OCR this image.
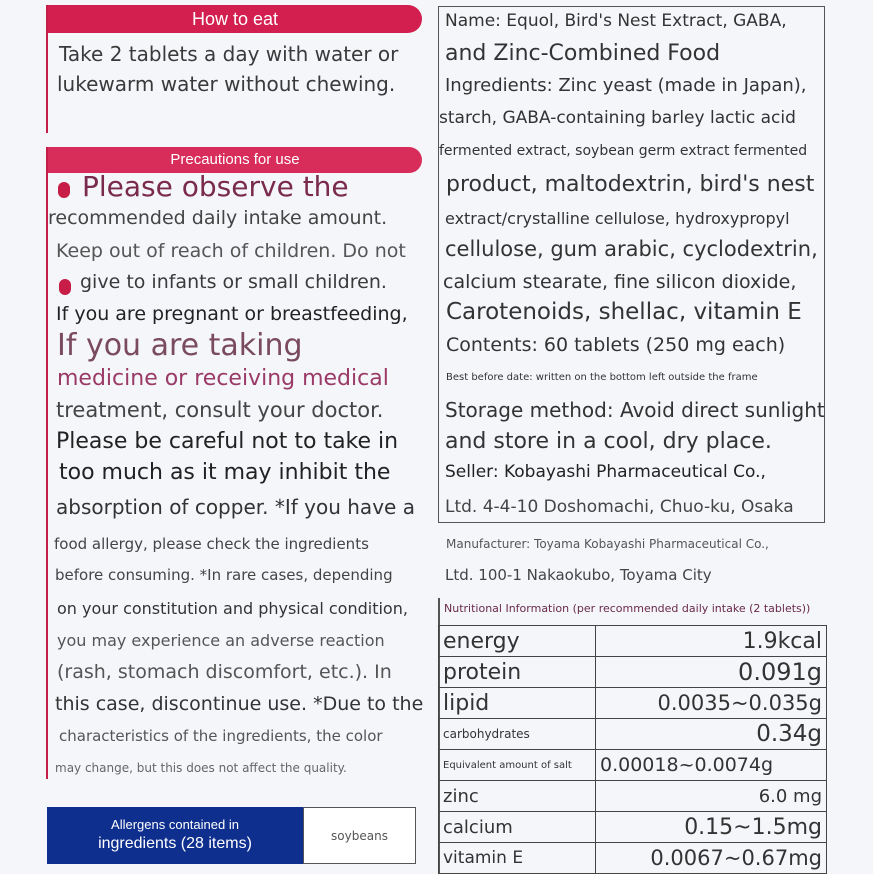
How to eat
Take 2 tablets a day with water or
lukewarm water without chewing.
Precautions for use
Please observe the
recommended daily intake amount.
Keep out of reach of children. Do not
give to infants or small children.
If you are pregnant or breastfeeding,
If you are taking
medicine or receiving medical
treatment, consult your doctor.
Please be careful not to take in
too much as it may inhibit the
absorption of copper. *If you have a
food allergy, please check the ingredients
before consuming. *In rare cases, depending
on your constitution and physical condition,
you may experience an adverse reaction
(rash, stomach discomfort, etc.). In
this case, discontinue use. *Due to the
characteristics of the ingredients, the color
may change, but this does not affect the quality.
Name: Equol, Bird's Nest Extract, GABA,
and Zinc-Combined Food
Ingredients: Zinc yeast (made in Japan),
starch, GABA-containing barley lactic acid
fermented extract, soybean germ extract fermented
product, maltodextrin, bird's nest
extract/crystalline cellulose, hydroxypropyl
cellulose, gum arabic, cyclodextrin,
calcium stearate, fine silicon dioxide,
Carotenoids, shellac, vitamin E
Contents: 60 tablets (250 mg each)
Best before date: written on the bottom left outside the frame
Storage method: Avoid direct sunlight
and store in a cool, dry place.
Seller: Kobayashi Pharmaceutical Co.,
Ltd. 4-4-10 Doshomachi, Chuo-ku, Osaka
Manufacturer: Toyama Kobayashi Pharmaceutical Co.,
Ltd. 100-1 Nakaokubo, Toyama City
Nutritional Information (per recommended daily intake (2 tablets))
energy	1.9kcal
protein	0.091g
lipid	0.0035~0.035g
carbohydrates	0.34g
Equivalent amount of salt	0.00018~0.0074g
zinc	6.0 mg
calcium	0.15~1.5mg
vitamin E	0.0067~0.67mg
Allergens contained in
ingredients (28 items)	soybeans
